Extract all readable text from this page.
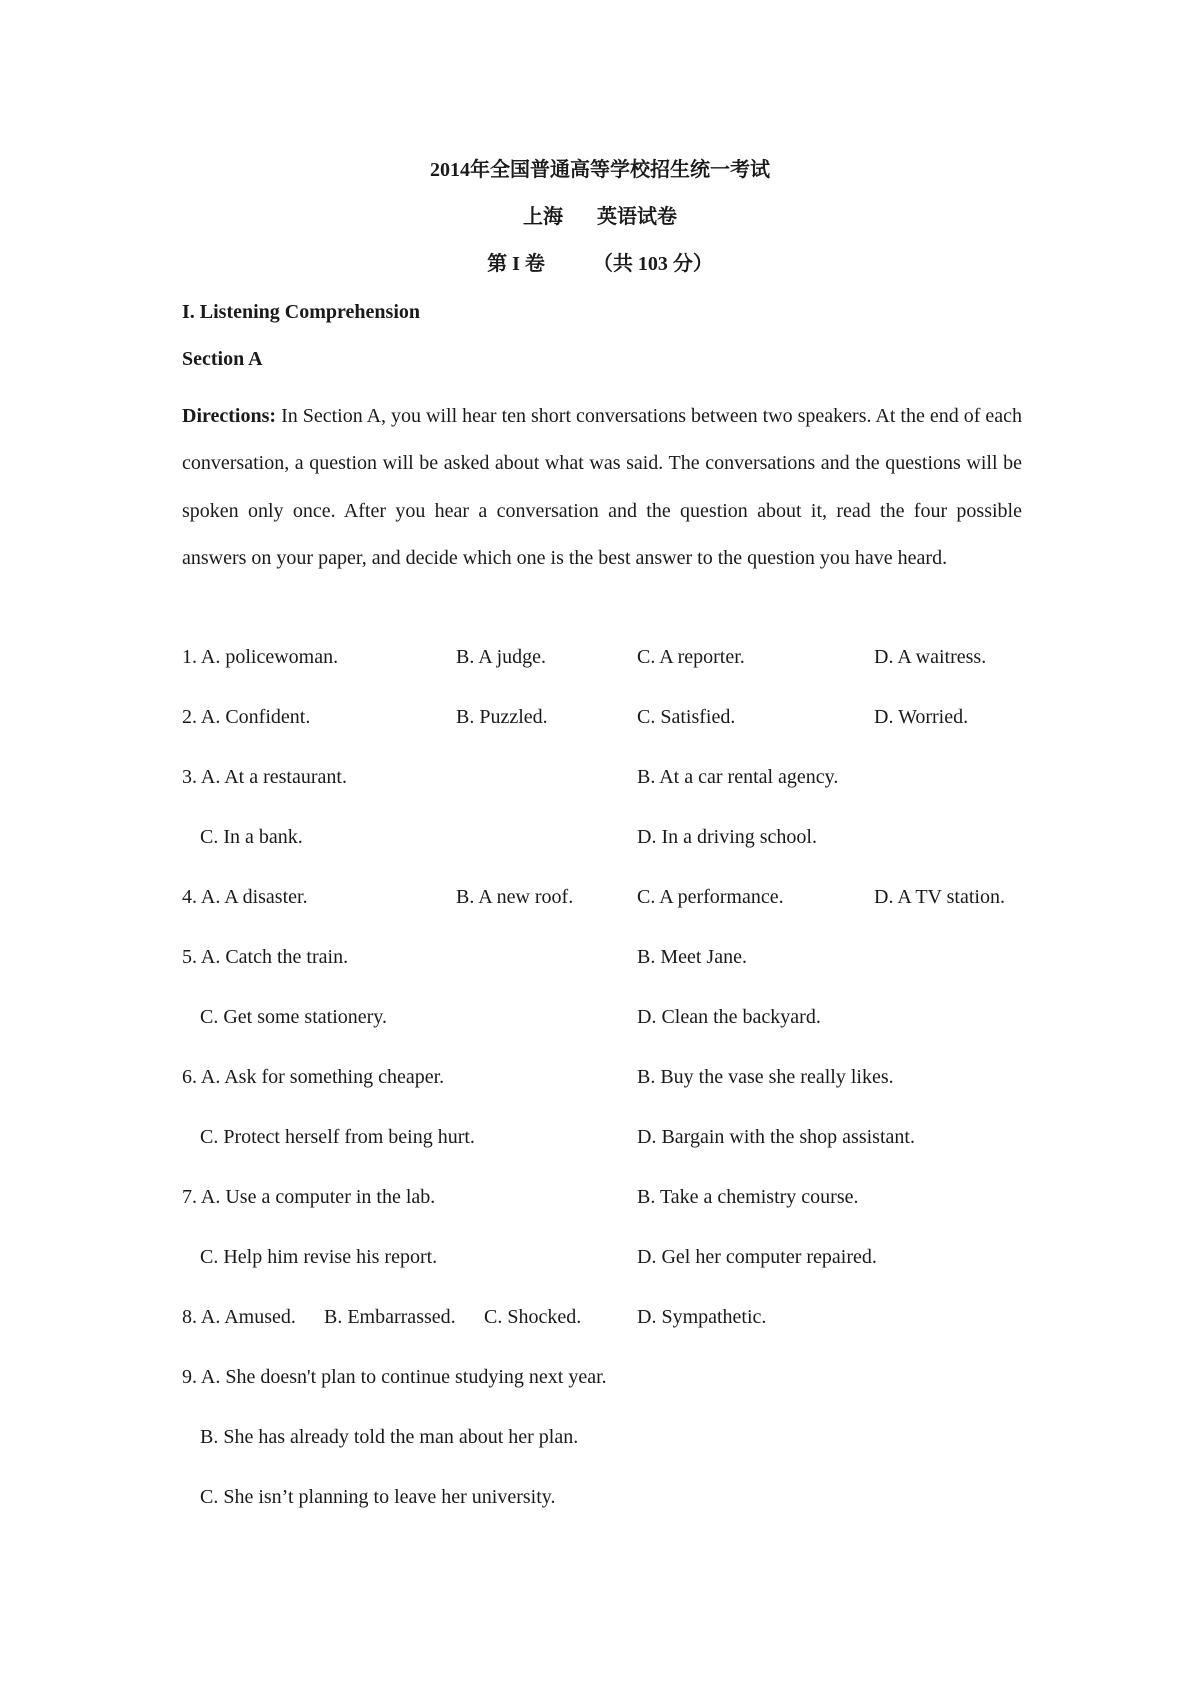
2014年全国普通高等学校招生统一考试
上海 英语试卷
第 I 卷 （共 103 分）
I. Listening Comprehension
Section A
Directions: In Section A, you will hear ten short conversations between two speakers. At the end of each conversation, a question will be asked about what was said. The conversations and the questions will be spoken only once. After you hear a conversation and the question about it, read the four possible answers on your paper, and decide which one is the best answer to the question you have heard.
1. A. policewoman.	B. A judge.	C. A reporter.	D. A waitress.
2. A. Confident.	B. Puzzled.	C. Satisfied.	D. Worried.
3. A. At a restaurant.	B. At a car rental agency.
C. In a bank.	D. In a driving school.
4. A. A disaster.	B. A new roof.	C. A performance.	D. A TV station.
5. A. Catch the train.	B. Meet Jane.
C. Get some stationery.	D. Clean the backyard.
6. A. Ask for something cheaper.	B. Buy the vase she really likes.
C. Protect herself from being hurt.	D. Bargain with the shop assistant.
7. A. Use a computer in the lab.	B. Take a chemistry course.
C. Help him revise his report.	D. Gel her computer repaired.
8. A. Amused. B. Embarrassed. C. Shocked.	D. Sympathetic.
9. A. She doesn't plan to continue studying next year.
B. She has already told the man about her plan.
C. She isn’t planning to leave her university.
